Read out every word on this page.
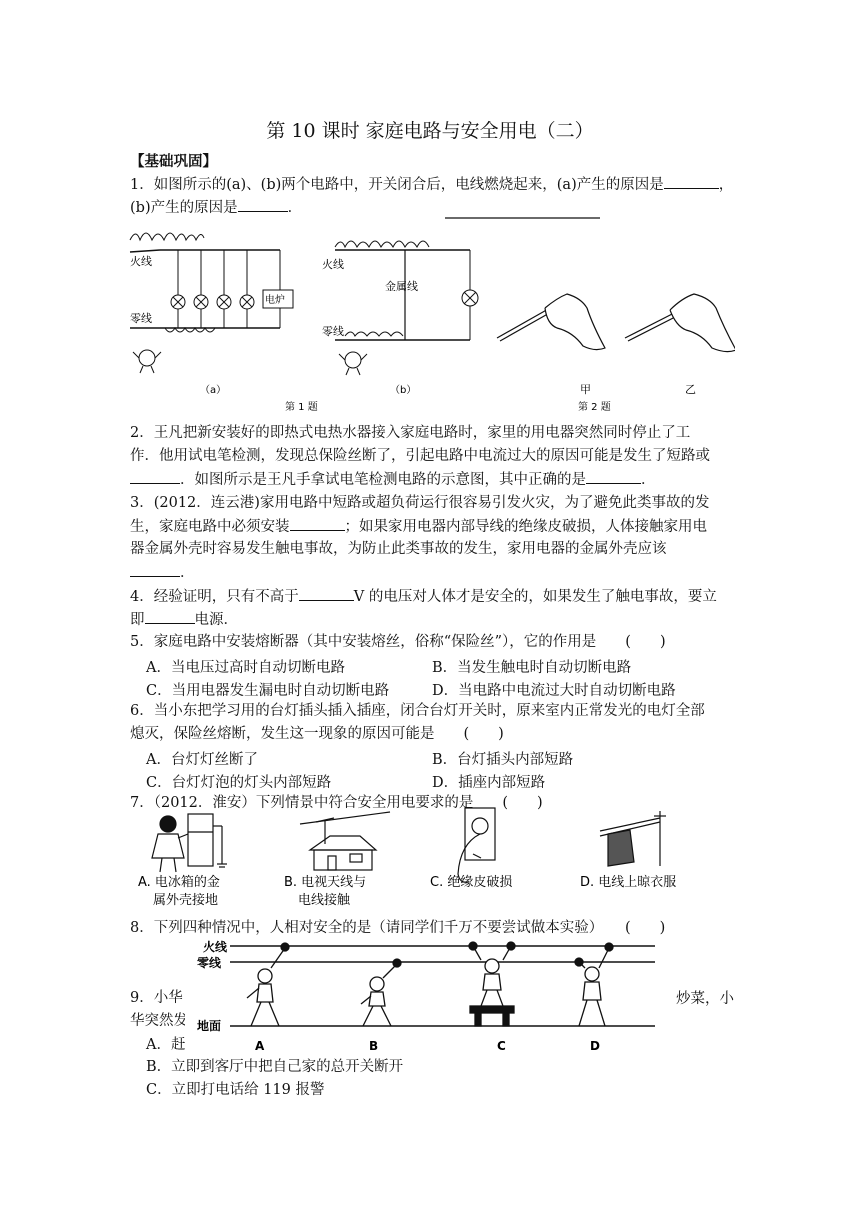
第 10 课时 家庭电路与安全用电（二）
【基础巩固】
1．如图所示的(a)、(b)两个电路中，开关闭合后，电线燃烧起来，(a)产生的原因是	，
(b)产生的原因是	．
火线
零线
电炉
（a）
火线
零线
金属线
（b）
第 1 题
甲	乙
第 2 题
2．王凡把新安装好的即热式电热水器接入家庭电路时，家里的用电器突然同时停止了工
作．他用试电笔检测，发现总保险丝断了，引起电路中电流过大的原因可能是发生了短路或
．如图所示是王凡手拿试电笔检测电路的示意图，其中正确的是	．
3．(2012．连云港)家用电路中短路或超负荷运行很容易引发火灾，为了避免此类事故的发
生，家庭电路中必须安装	；如果家用电器内部导线的绝缘皮破损，人体接触家用电
器金属外壳时容易发生触电事故，为防止此类事故的发生，家用电器的金属外壳应该
．
4．经验证明，只有不高于	V 的电压对人体才是安全的，如果发生了触电事故，要立
即	电源．
5．家庭电路中安装熔断器（其中安装熔丝，俗称“保险丝”），它的作用是　　(　　)
A．当电压过高时自动切断电路	B．当发生触电时自动切断电路
C．当用电器发生漏电时自动切断电路	D．当电路中电流过大时自动切断电路
6．当小东把学习用的台灯插头插入插座，闭合台灯开关时，原来室内正常发光的电灯全部
熄灭，保险丝熔断，发生这一现象的原因可能是　　(　　)
A．台灯灯丝断了	B．台灯插头内部短路
C．台灯灯泡的灯头内部短路	D．插座内部短路
7．（2012．淮安）下列情景中符合安全用电要求的是　　(　　)
A. 电冰箱的金
属外壳接地
B. 电视天线与
电线接触
C. 绝缘皮破损	D. 电线上晾衣服
8．下列四种情况中，人相对安全的是（请同学们千万不要尝试做本实验）　　(　　)
9．小华	炒菜，小
华突然发
A．赶
火线
零线
地面
A	B	C	D
B．立即到客厅中把自己家的总开关断开
C．立即打电话给 119 报警
